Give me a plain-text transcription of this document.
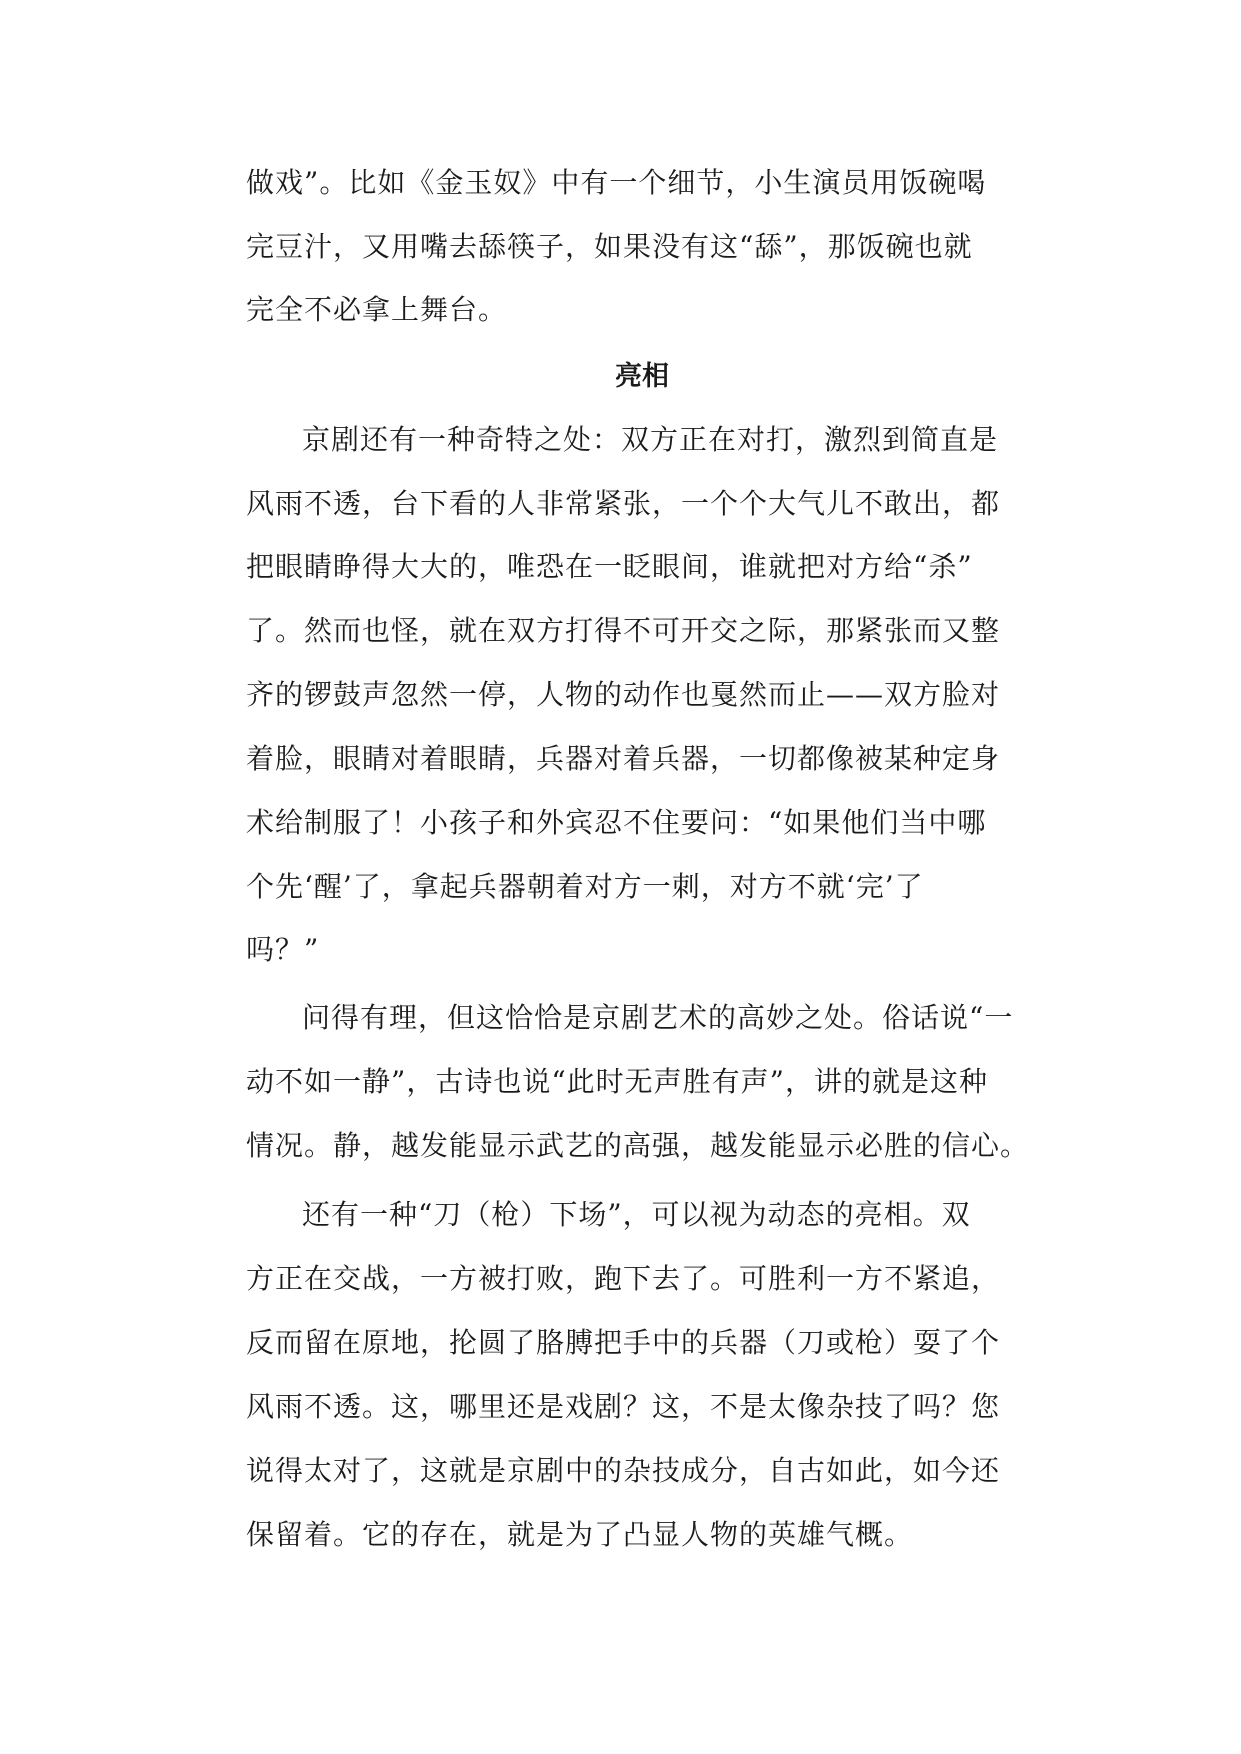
做戏”。比如《金玉奴》中有一个细节，小生演员用饭碗喝
完豆汁，又用嘴去舔筷子，如果没有这“舔”，那饭碗也就
完全不必拿上舞台。
亮相
京剧还有一种奇特之处：双方正在对打，激烈到简直是
风雨不透，台下看的人非常紧张，一个个大气儿不敢出，都
把眼睛睁得大大的，唯恐在一眨眼间，谁就把对方给“杀”
了。然而也怪，就在双方打得不可开交之际，那紧张而又整
齐的锣鼓声忽然一停，人物的动作也戛然而止——双方脸对
着脸，眼睛对着眼睛，兵器对着兵器，一切都像被某种定身
术给制服了！小孩子和外宾忍不住要问：“如果他们当中哪
个先‘醒’了，拿起兵器朝着对方一刺，对方不就‘完’了
吗？”
问得有理，但这恰恰是京剧艺术的高妙之处。俗话说“一
动不如一静”，古诗也说“此时无声胜有声”，讲的就是这种
情况。静，越发能显示武艺的高强，越发能显示必胜的信心。
还有一种“刀（枪）下场”，可以视为动态的亮相。双
方正在交战，一方被打败，跑下去了。可胜利一方不紧追，
反而留在原地，抡圆了胳膊把手中的兵器（刀或枪）耍了个
风雨不透。这，哪里还是戏剧？这，不是太像杂技了吗？您
说得太对了，这就是京剧中的杂技成分，自古如此，如今还
保留着。它的存在，就是为了凸显人物的英雄气概。
